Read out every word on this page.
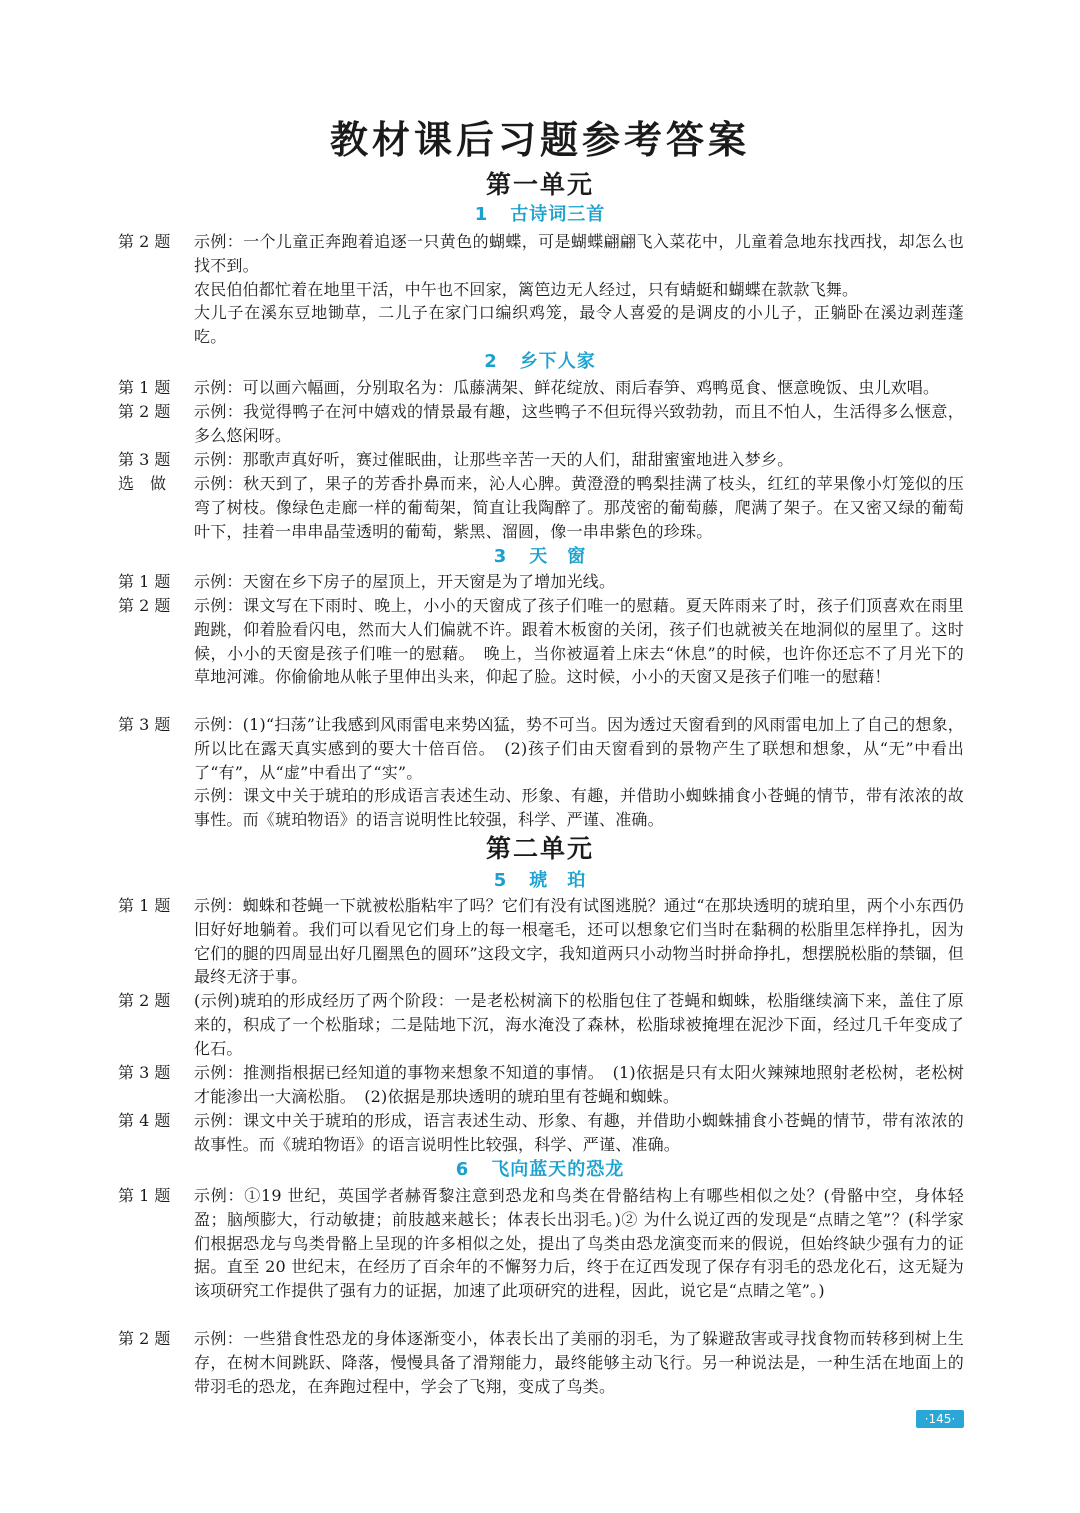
教材课后习题参考答案
第一单元
1 古诗词三首
第 2 题	示例：一个儿童正奔跑着追逐一只黄色的蝴蝶，可是蝴蝶翩翩飞入菜花中，儿童着急地东找西找，却怎么也找不到。

农民伯伯都忙着在地里干活，中午也不回家，篱笆边无人经过，只有蜻蜓和蝴蝶在款款飞舞。

大儿子在溪东豆地锄草，二儿子在家门口编织鸡笼，最令人喜爱的是调皮的小儿子，正躺卧在溪边剥莲蓬吃。

2 乡下人家
第 1 题	示例：可以画六幅画，分别取名为：瓜藤满架、鲜花绽放、雨后春笋、鸡鸭觅食、惬意晚饭、虫儿欢唱。

第 2 题	示例：我觉得鸭子在河中嬉戏的情景最有趣，这些鸭子不但玩得兴致勃勃，而且不怕人，生活得多么惬意，多么悠闲呀。

第 3 题	示例：那歌声真好听，赛过催眠曲，让那些辛苦一天的人们，甜甜蜜蜜地进入梦乡。

选　做	示例：秋天到了，果子的芳香扑鼻而来，沁人心脾。黄澄澄的鸭梨挂满了枝头，红红的苹果像小灯笼似的压弯了树枝。像绿色走廊一样的葡萄架，简直让我陶醉了。那茂密的葡萄藤，爬满了架子。在又密又绿的葡萄叶下，挂着一串串晶莹透明的葡萄，紫黑、溜圆，像一串串紫色的珍珠。

3 天　窗
第 1 题	示例：天窗在乡下房子的屋顶上，开天窗是为了增加光线。

第 2 题	示例：课文写在下雨时、晚上，小小的天窗成了孩子们唯一的慰藉。夏天阵雨来了时，孩子们顶喜欢在雨里跑跳，仰着脸看闪电，然而大人们偏就不许。跟着木板窗的关闭，孩子们也就被关在地洞似的屋里了。这时候，小小的天窗是孩子们唯一的慰藉。　晚上，当你被逼着上床去“休息”的时候，也许你还忘不了月光下的草地河滩。你偷偷地从帐子里伸出头来，仰起了脸。这时候，小小的天窗又是孩子们唯一的慰藉！

第 3 题	示例：(1)“扫荡”让我感到风雨雷电来势凶猛，势不可当。因为透过天窗看到的风雨雷电加上了自己的想象，所以比在露天真实感到的要大十倍百倍。　(2)孩子们由天窗看到的景物产生了联想和想象，从“无”中看出了“有”，从“虚”中看出了“实”。

示例：课文中关于琥珀的形成语言表述生动、形象、有趣，并借助小蜘蛛捕食小苍蝇的情节，带有浓浓的故事性。而《琥珀物语》的语言说明性比较强，科学、严谨、准确。

第二单元
5 琥　珀
第 1 题	示例：蜘蛛和苍蝇一下就被松脂粘牢了吗？它们有没有试图逃脱？通过“在那块透明的琥珀里，两个小东西仍旧好好地躺着。我们可以看见它们身上的每一根毫毛，还可以想象它们当时在黏稠的松脂里怎样挣扎，因为它们的腿的四周显出好几圈黑色的圆环”这段文字，我知道两只小动物当时拼命挣扎，想摆脱松脂的禁锢，但最终无济于事。

第 2 题	(示例)琥珀的形成经历了两个阶段：一是老松树滴下的松脂包住了苍蝇和蜘蛛，松脂继续滴下来，盖住了原来的，积成了一个松脂球；二是陆地下沉，海水淹没了森林，松脂球被掩埋在泥沙下面，经过几千年变成了化石。

第 3 题	示例：推测指根据已经知道的事物来想象不知道的事情。　(1)依据是只有太阳火辣辣地照射老松树，老松树才能渗出一大滴松脂。　(2)依据是那块透明的琥珀里有苍蝇和蜘蛛。

第 4 题	示例：课文中关于琥珀的形成，语言表述生动、形象、有趣，并借助小蜘蛛捕食小苍蝇的情节，带有浓浓的故事性。而《琥珀物语》的语言说明性比较强，科学、严谨、准确。

6 飞向蓝天的恐龙
第 1 题	示例：①19 世纪，英国学者赫胥黎注意到恐龙和鸟类在骨骼结构上有哪些相似之处？(骨骼中空，身体轻盈；脑颅膨大，行动敏捷；前肢越来越长；体表长出羽毛。)② 为什么说辽西的发现是“点睛之笔”？(科学家们根据恐龙与鸟类骨骼上呈现的许多相似之处，提出了鸟类由恐龙演变而来的假说，但始终缺少强有力的证据。直至 20 世纪末，在经历了百余年的不懈努力后，终于在辽西发现了保存有羽毛的恐龙化石，这无疑为该项研究工作提供了强有力的证据，加速了此项研究的进程，因此，说它是“点睛之笔”。)

第 2 题	示例：一些猎食性恐龙的身体逐渐变小，体表长出了美丽的羽毛，为了躲避敌害或寻找食物而转移到树上生存，在树木间跳跃、降落，慢慢具备了滑翔能力，最终能够主动飞行。另一种说法是，一种生活在地面上的带羽毛的恐龙，在奔跑过程中，学会了飞翔，变成了鸟类。

·145·
